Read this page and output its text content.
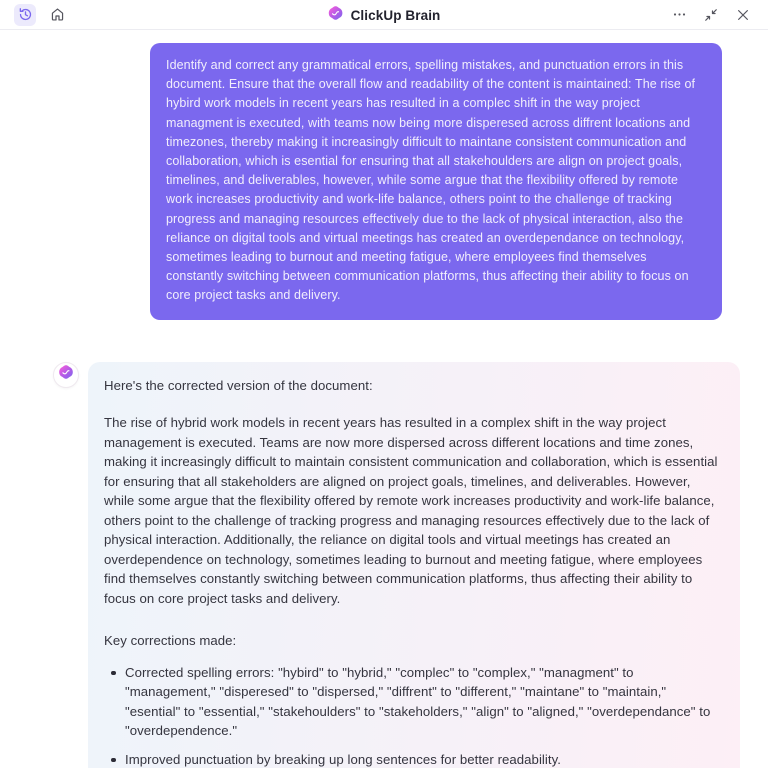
ClickUp Brain
Identify and correct any grammatical errors, spelling mistakes, and punctuation errors in this document. Ensure that the overall flow and readability of the content is maintained: The rise of hybird work models in recent years has resulted in a complec shift in the way project managment is executed, with teams now being more disperesed across diffrent locations and timezones, thereby making it increasingly difficult to maintane consistent communication and collaboration, which is esential for ensuring that all stakehoulders are align on project goals, timelines, and deliverables, however, while some argue that the flexibility offered by remote work increases productivity and work-life balance, others point to the challenge of tracking progress and managing resources effectively due to the lack of physical interaction, also the reliance on digital tools and virtual meetings has created an overdependance on technology, sometimes leading to burnout and meeting fatigue, where employees find themselves constantly switching between communication platforms, thus affecting their ability to focus on core project tasks and delivery.
Here's the corrected version of the document:
The rise of hybrid work models in recent years has resulted in a complex shift in the way project management is executed. Teams are now more dispersed across different locations and time zones, making it increasingly difficult to maintain consistent communication and collaboration, which is essential for ensuring that all stakeholders are aligned on project goals, timelines, and deliverables. However, while some argue that the flexibility offered by remote work increases productivity and work-life balance, others point to the challenge of tracking progress and managing resources effectively due to the lack of physical interaction. Additionally, the reliance on digital tools and virtual meetings has created an overdependence on technology, sometimes leading to burnout and meeting fatigue, where employees find themselves constantly switching between communication platforms, thus affecting their ability to focus on core project tasks and delivery.
Key corrections made:
Corrected spelling errors: "hybird" to "hybrid," "complec" to "complex," "managment" to "management," "disperesed" to "dispersed," "diffrent" to "different," "maintane" to "maintain," "esential" to "essential," "stakehoulders" to "stakeholders," "align" to "aligned," "overdependance" to "overdependence."
Improved punctuation by breaking up long sentences for better readability.
